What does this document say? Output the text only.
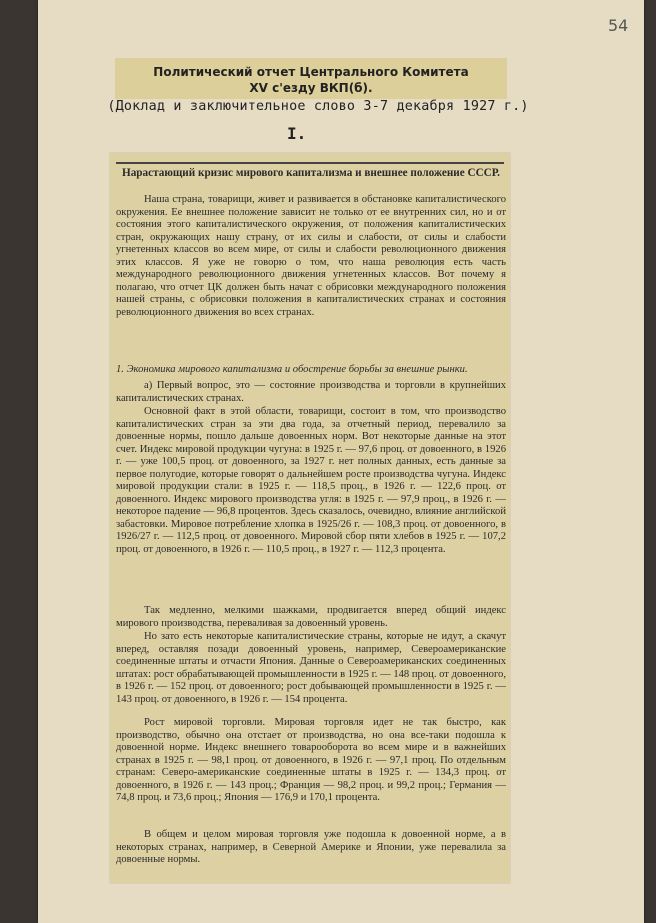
54
Политический отчет Центрального Комитета
XV с'езду ВКП(б).
(Доклад и заключительное слово 3-7 декабря 1927 г.)
I.

Нарастающий кризис мирового капитализма и внешнее положение СССР.

Наша страна, товарищи, живет и развивается в обстановке капиталистического окружения. Ее внешнее положение зависит не только от ее внутренних сил, но и от состояния этого капиталистического окружения, от положения капиталистических стран, окружающих нашу страну, от их силы и слабости, от силы и слабости угнетенных классов во всем мире, от силы и слабости революционного движения этих классов. Я уже не говорю о том, что наша революция есть часть международного революционного движения угнетенных классов. Вот почему я полагаю, что отчет ЦК должен быть начат с обрисовки международного положения нашей страны, с обрисовки положения в капиталистических странах и состояния революционного движения во всех странах.

1. Экономика мирового капитализма и обострение борьбы за внешние рынки.

а) Первый вопрос, это — состояние производства и торговли в крупнейших капиталистических странах.

Основной факт в этой области, товарищи, состоит в том, что производство капиталистических стран за эти два года, за отчетный период, перевалило за довоенные нормы, пошло дальше довоенных норм. Вот некоторые данные на этот счет. Индекс мировой продукции чугуна: в 1925 г. — 97,6 проц. от довоенного, в 1926 г. — уже 100,5 проц. от довоенного, за 1927 г. нет полных данных, есть данные за первое полугодие, которые говорят о дальнейшем росте производства чугуна. Индекс мировой продукции стали: в 1925 г. — 118,5 проц., в 1926 г. — 122,6 проц. от довоенного. Индекс мирового производства угля: в 1925 г. — 97,9 проц., в 1926 г. — некоторое падение — 96,8 процентов. Здесь сказалось, очевидно, влияние английской забастовки. Мировое потребление хлопка в 1925/26 г. — 108,3 проц. от довоенного, в 1926/27 г. — 112,5 проц. от довоенного. Мировой сбор пяти хлебов в 1925 г. — 107,2 проц. от довоенного, в 1926 г. — 110,5 проц., в 1927 г. — 112,3 процента.

Так медленно, мелкими шажками, продвигается вперед общий индекс мирового производства, переваливая за довоенный уровень.

Но зато есть некоторые капиталистические страны, которые не идут, а скачут вперед, оставляя позади довоенный уровень, например, Североамериканские соединенные штаты и отчасти Япония. Данные о Североамериканских соединенных штатах: рост обрабатывающей промышленности в 1925 г. — 148 проц. от довоенного, в 1926 г. — 152 проц. от довоенного; рост добывающей промышленности в 1925 г. — 143 проц. от довоенного, в 1926 г. — 154 процента.

Рост мировой торговли. Мировая торговля идет не так быстро, как производство, обычно она отстает от производства, но она все-таки подошла к довоенной норме. Индекс внешнего товарооборота во всем мире и в важнейших странах в 1925 г. — 98,1 проц. от довоенного, в 1926 г. — 97,1 проц. По отдельным странам: Северо-американские соединенные штаты в 1925 г. — 134,3 проц. от довоенного, в 1926 г. — 143 проц.; Франция — 98,2 проц. и 99,2 проц.; Германия — 74,8 проц. и 73,6 проц.; Япония — 176,9 и 170,1 процента.

В общем и целом мировая торговля уже подошла к довоенной норме, а в некоторых странах, например, в Северной Америке и Японии, уже перевалила за довоенные нормы.
